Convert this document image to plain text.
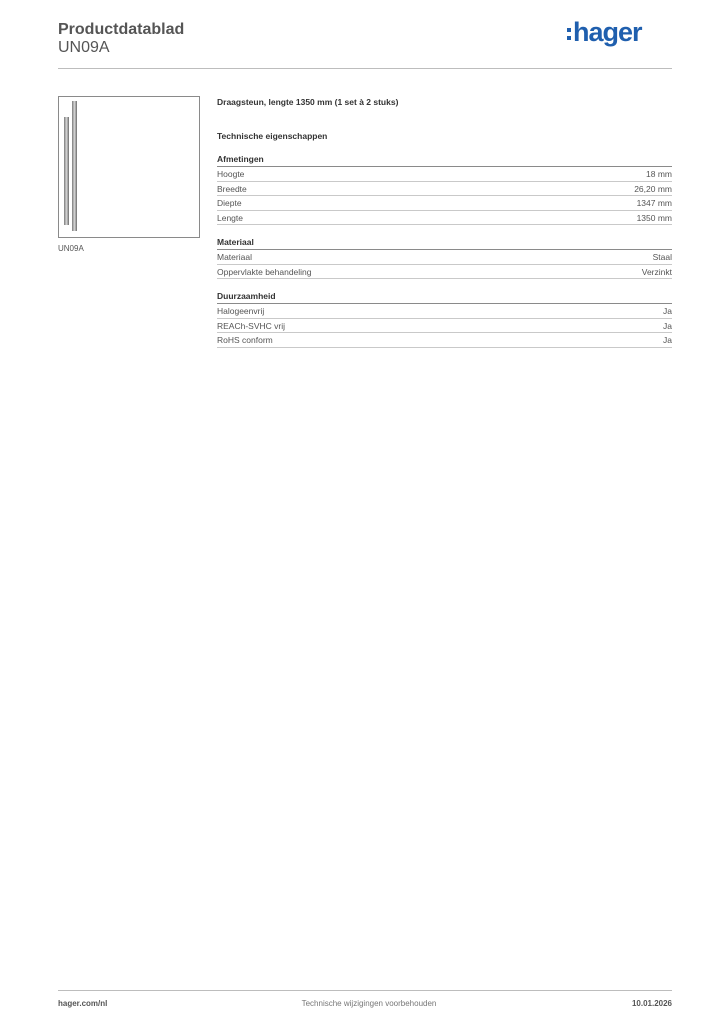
Productdatablad
UN09A
hager
UN09A
Draagsteun, lengte 1350 mm (1 set à 2 stuks)
Technische eigenschappen
Afmetingen
Hoogte	18 mm
Breedte	26,20 mm
Diepte	1347 mm
Lengte	1350 mm
Materiaal
Materiaal	Staal
Oppervlakte behandeling	Verzinkt
Duurzaamheid
Halogeenvrij	Ja
REACh-SVHC vrij	Ja
RoHS conform	Ja
hager.com/nl	Technische wijzigingen voorbehouden	10.01.2026
